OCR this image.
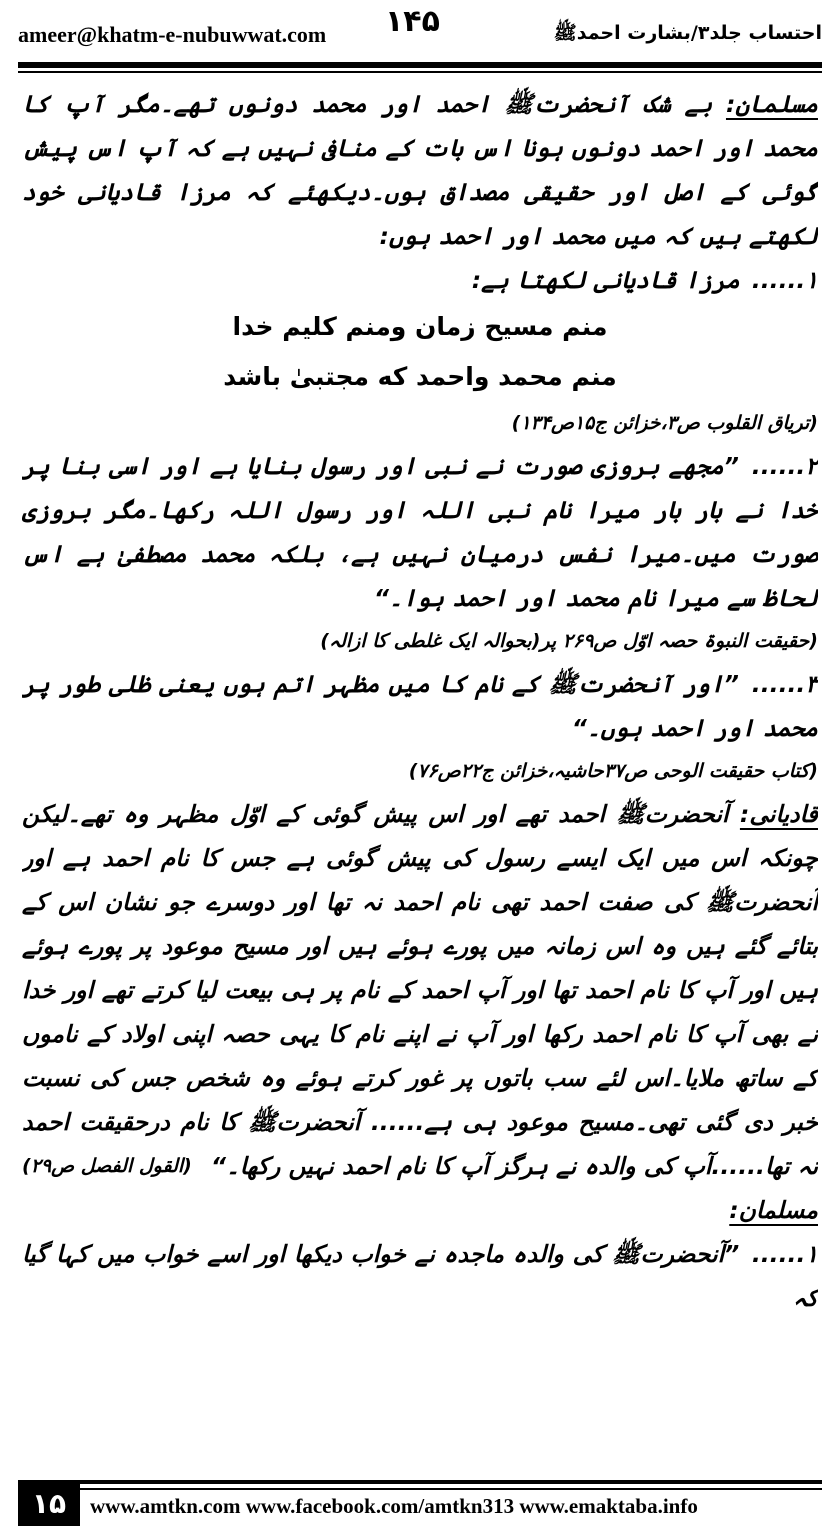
ameer@khatm-e-nubuwwat.com	احتساب جلد۳/بشارت احمدﷺ
۱۴۵

مسلمان: بے شک آنحضرتﷺ احمد اور محمد دونوں تھے۔مگر آپ کا محمد اور احمد دونوں ہونا اس بات کے منافی نہیں ہے کہ آپ اس پیش گوئی کے اصل اور حقیقی مصداق ہوں۔دیکھئے کہ مرزا قادیانی خود لکھتے ہیں کہ میں محمد اور احمد ہوں:

۱...... مرزا قادیانی لکھتا ہے:

منم مسیح زمان ومنم کلیم خدا

منم محمد واحمد که مجتبیٰ باشد

(تریاق القلوب ص۳،خزائن ج۱۵ص۱۳۴)

۲...... ”مجھے بروزی صورت نے نبی اور رسول بنایا ہے اور اسی بنا پر خدا نے بار بار میرا نام نبی اللہ اور رسول اللہ رکھا۔مگر بروزی صورت میں۔میرا نفس درمیان نہیں ہے، بلکہ محمد مصطفیٰ ہے اس لحاظ سے میرا نام محمد اور احمد ہوا۔“

(حقیقت النبوۃ حصہ اوّل ص۲۶۹ پر(بحوالہ ایک غلطی کا ازالہ)

۳...... ”اور آنحضرتﷺ کے نام کا میں مظہر اتم ہوں یعنی ظلی طور پر محمد اور احمد ہوں۔“

(کتاب حقیقت الوحی ص۳۷حاشیہ،خزائن ج۲۲ص۷۶)

قادیانی: آنحضرتﷺ احمد تھے اور اس پیش گوئی کے اوّل مظہر وہ تھے۔لیکن چونکہ اس میں ایک ایسے رسول کی پیش گوئی ہے جس کا نام احمد ہے اور آنحضرتﷺ کی صفت احمد تھی نام احمد نہ تھا اور دوسرے جو نشان اس کے بتائے گئے ہیں وہ اس زمانہ میں پورے ہوئے ہیں اور مسیح موعود پر پورے ہوئے ہیں اور آپ کا نام احمد تھا اور آپ احمد کے نام پر ہی بیعت لیا کرتے تھے اور خدا نے بھی آپ کا نام احمد رکھا اور آپ نے اپنے نام کا یہی حصہ اپنی اولاد کے ناموں کے ساتھ ملایا۔اس لئے سب باتوں پر غور کرتے ہوئے وہ شخص جس کی نسبت خبر دی گئی تھی۔مسیح موعود ہی ہے...... آنحضرتﷺ کا نام درحقیقت احمد نہ تھا......آپ کی والدہ نے ہرگز آپ کا نام احمد نہیں رکھا۔“
(القول الفصل ص۲۹)

مسلمان:

۱...... ”آنحضرتﷺ کی والدہ ماجدہ نے خواب دیکھا اور اسے خواب میں کہا گیا کہ

۱۵	www.amtkn.com www.facebook.com/amtkn313 www.emaktaba.info
